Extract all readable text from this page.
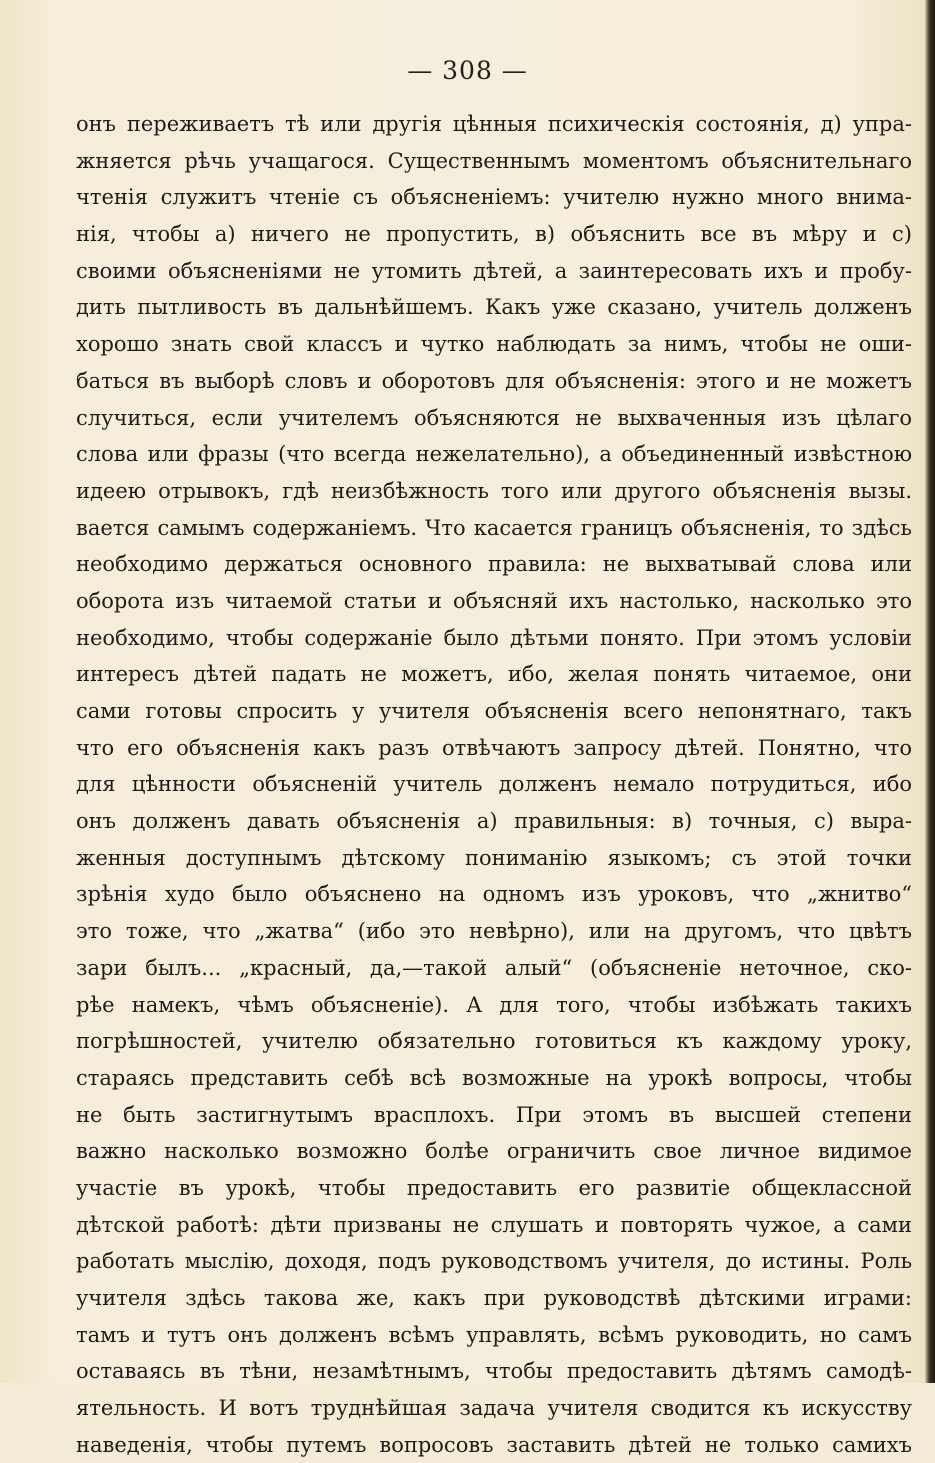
— 308 —
онъ переживаетъ тѣ или другія цѣнныя психическія состоянія, д) упра-
жняется рѣчь учащагося. Существеннымъ моментомъ объяснительнаго
чтенія служитъ чтеніе съ объясненіемъ: учителю нужно много внима-
нія, чтобы а) ничего не пропустить, в) объяснить все въ мѣру и с)
своими объясненіями не утомить дѣтей, а заинтересовать ихъ и пробу-
дить пытливость въ дальнѣйшемъ. Какъ уже сказано, учитель долженъ
хорошо знать свой классъ и чутко наблюдать за нимъ, чтобы не оши-
баться въ выборѣ словъ и оборотовъ для объясненія: этого и не можетъ
случиться, если учителемъ объясняются не выхваченныя изъ цѣлаго
слова или фразы (что всегда нежелательно), а объединенный извѣстною
идеею отрывокъ, гдѣ неизбѣжность того или другого объясненія вызы.
вается самымъ содержаніемъ. Что касается границъ объясненія, то здѣсь
необходимо держаться основного правила: не выхватывай слова или
оборота изъ читаемой статьи и объясняй ихъ настолько, насколько это
необходимо, чтобы содержаніе было дѣтьми понято. При этомъ условіи
интересъ дѣтей падать не можетъ, ибо, желая понять читаемое, они
сами готовы спросить у учителя объясненія всего непонятнаго, такъ
что его объясненія какъ разъ отвѣчаютъ запросу дѣтей. Понятно, что
для цѣнности объясненій учитель долженъ немало потрудиться, ибо
онъ долженъ давать объясненія а) правильныя: в) точныя, с) выра-
женныя доступнымъ дѣтскому пониманію языкомъ; съ этой точки
зрѣнія худо было объяснено на одномъ изъ уроковъ, что „жнитво“
это тоже, что „жатва“ (ибо это невѣрно), или на другомъ, что цвѣтъ
зари былъ... „красный, да,—такой алый“ (объясненіе неточное, ско-
рѣе намекъ, чѣмъ объясненіе). А для того, чтобы избѣжать такихъ
погрѣшностей, учителю обязательно готовиться къ каждому уроку,
стараясь представить себѣ всѣ возможные на урокѣ вопросы, чтобы
не быть застигнутымъ врасплохъ. При этомъ въ высшей степени
важно насколько возможно болѣе ограничить свое личное видимое
участіе въ урокѣ, чтобы предоставить его развитіе общеклассной
дѣтской работѣ: дѣти призваны не слушать и повторять чужое, а сами
работать мыслію, доходя, подъ руководствомъ учителя, до истины. Роль
учителя здѣсь такова же, какъ при руководствѣ дѣтскими играми:
тамъ и тутъ онъ долженъ всѣмъ управлять, всѣмъ руководить, но самъ
оставаясь въ тѣни, незамѣтнымъ, чтобы предоставить дѣтямъ самодѣ-
ятельность. И вотъ труднѣйшая задача учителя сводится къ искусству
наведенія, чтобы путемъ вопросовъ заставить дѣтей не только самихъ
